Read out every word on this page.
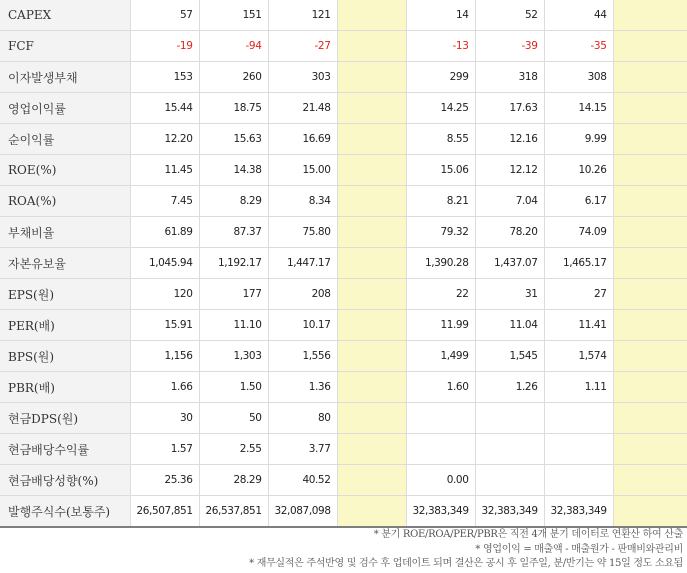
CAPEX	57	151	121		14	52	44	
FCF	-19	-94	-27		-13	-39	-35	
이자발생부채	153	260	303		299	318	308	
영업이익률	15.44	18.75	21.48		14.25	17.63	14.15	
순이익률	12.20	15.63	16.69		8.55	12.16	9.99	
ROE(%)	11.45	14.38	15.00		15.06	12.12	10.26	
ROA(%)	7.45	8.29	8.34		8.21	7.04	6.17	
부채비율	61.89	87.37	75.80		79.32	78.20	74.09	
자본유보율	1,045.94	1,192.17	1,447.17		1,390.28	1,437.07	1,465.17	
EPS(원)	120	177	208		22	31	27	
PER(배)	15.91	11.10	10.17		11.99	11.04	11.41	
BPS(원)	1,156	1,303	1,556		1,499	1,545	1,574	
PBR(배)	1.66	1.50	1.36		1.60	1.26	1.11	
현금DPS(원)	30	50	80					
현금배당수익률	1.57	2.55	3.77					
현금배당성향(%)	25.36	28.29	40.52		0.00			
발행주식수(보통주)	26,507,851	26,537,851	32,087,098		32,383,349	32,383,349	32,383,349	
* 분기 ROE/ROA/PER/PBR은 직전 4개 분기 데이터로 연환산 하여 산출
* 영업이익 = 매출액 - 매출원가 - 판매비와관리비
* 재무실적은 주석반영 및 검수 후 업데이트 되며 결산은 공시 후 일주일, 분/반기는 약 15일 정도 소요됨
